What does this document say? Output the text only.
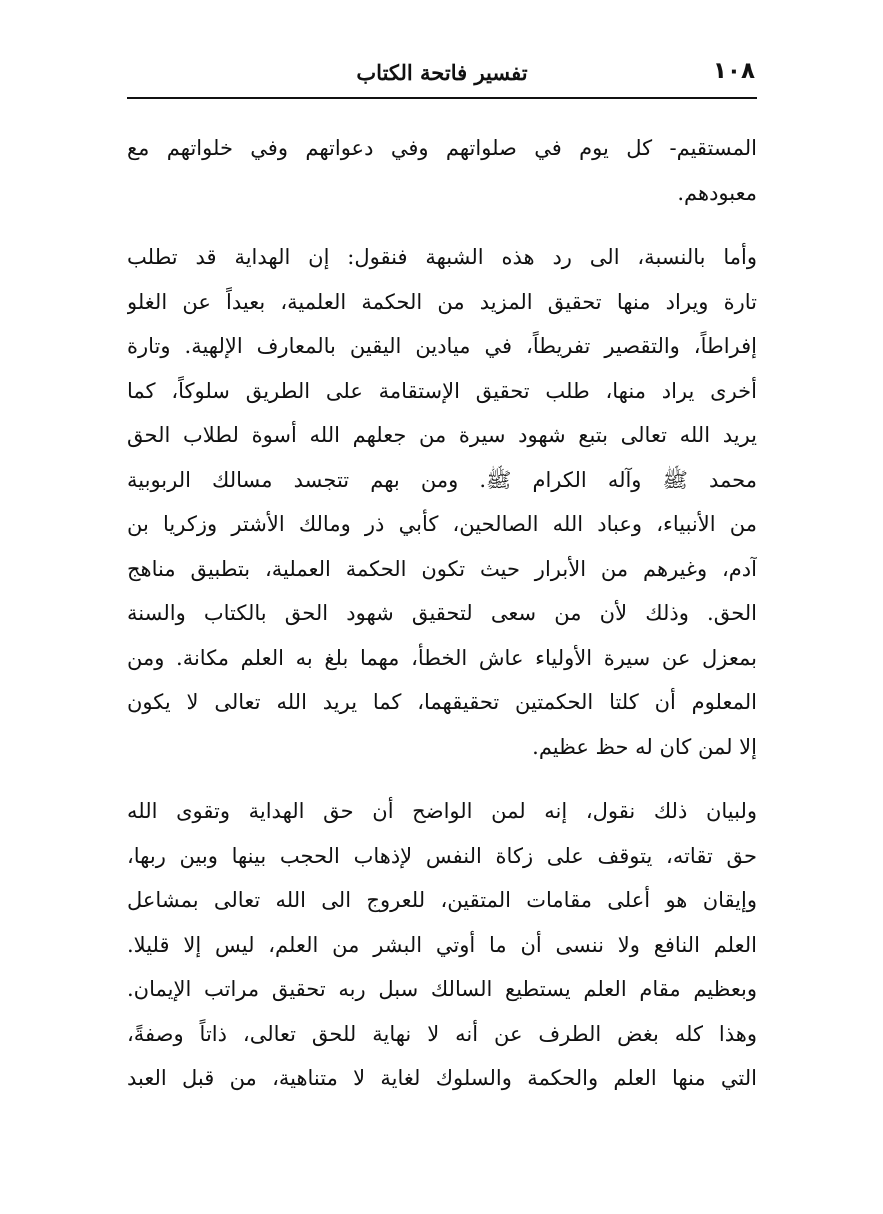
١٠٨
تفسير فاتحة الكتاب
المستقيم- كل يوم في صلواتهم وفي دعواتهم وفي خلواتهم مع
معبودهم.
وأما بالنسبة، الى رد هذه الشبهة فنقول: إن الهداية قد تطلب
تارة ويراد منها تحقيق المزيد من الحكمة العلمية، بعيداً عن الغلو
إفراطاً، والتقصير تفريطاً، في ميادين اليقين بالمعارف الإلهية. وتارة
أخرى يراد منها، طلب تحقيق الإستقامة على الطريق سلوكاً، كما
يريد الله تعالى بتبع شهود سيرة من جعلهم الله أسوة لطلاب الحق
محمد ﷺ وآله الكرام ﷺ. ومن بهم تتجسد مسالك الربوبية
من الأنبياء، وعباد الله الصالحين، كأبي ذر ومالك الأشتر وزكريا بن
آدم، وغيرهم من الأبرار حيث تكون الحكمة العملية، بتطبيق مناهج
الحق. وذلك لأن من سعى لتحقيق شهود الحق بالكتاب والسنة
بمعزل عن سيرة الأولياء عاش الخطأ، مهما بلغ به العلم مكانة. ومن
المعلوم أن كلتا الحكمتين تحقيقهما، كما يريد الله تعالى لا يكون
إلا لمن كان له حظ عظيم.
ولبيان ذلك نقول، إنه لمن الواضح أن حق الهداية وتقوى الله
حق تقاته، يتوقف على زكاة النفس لإذهاب الحجب بينها وبين ربها،
وإيقان هو أعلى مقامات المتقين، للعروج الى الله تعالى بمشاعل
العلم النافع ولا ننسى أن ما أوتي البشر من العلم، ليس إلا قليلا.
وبعظيم مقام العلم يستطيع السالك سبل ربه تحقيق مراتب الإيمان.
وهذا كله بغض الطرف عن أنه لا نهاية للحق تعالى، ذاتاً وصفةً،
التي منها العلم والحكمة والسلوك لغاية لا متناهية، من قبل العبد
